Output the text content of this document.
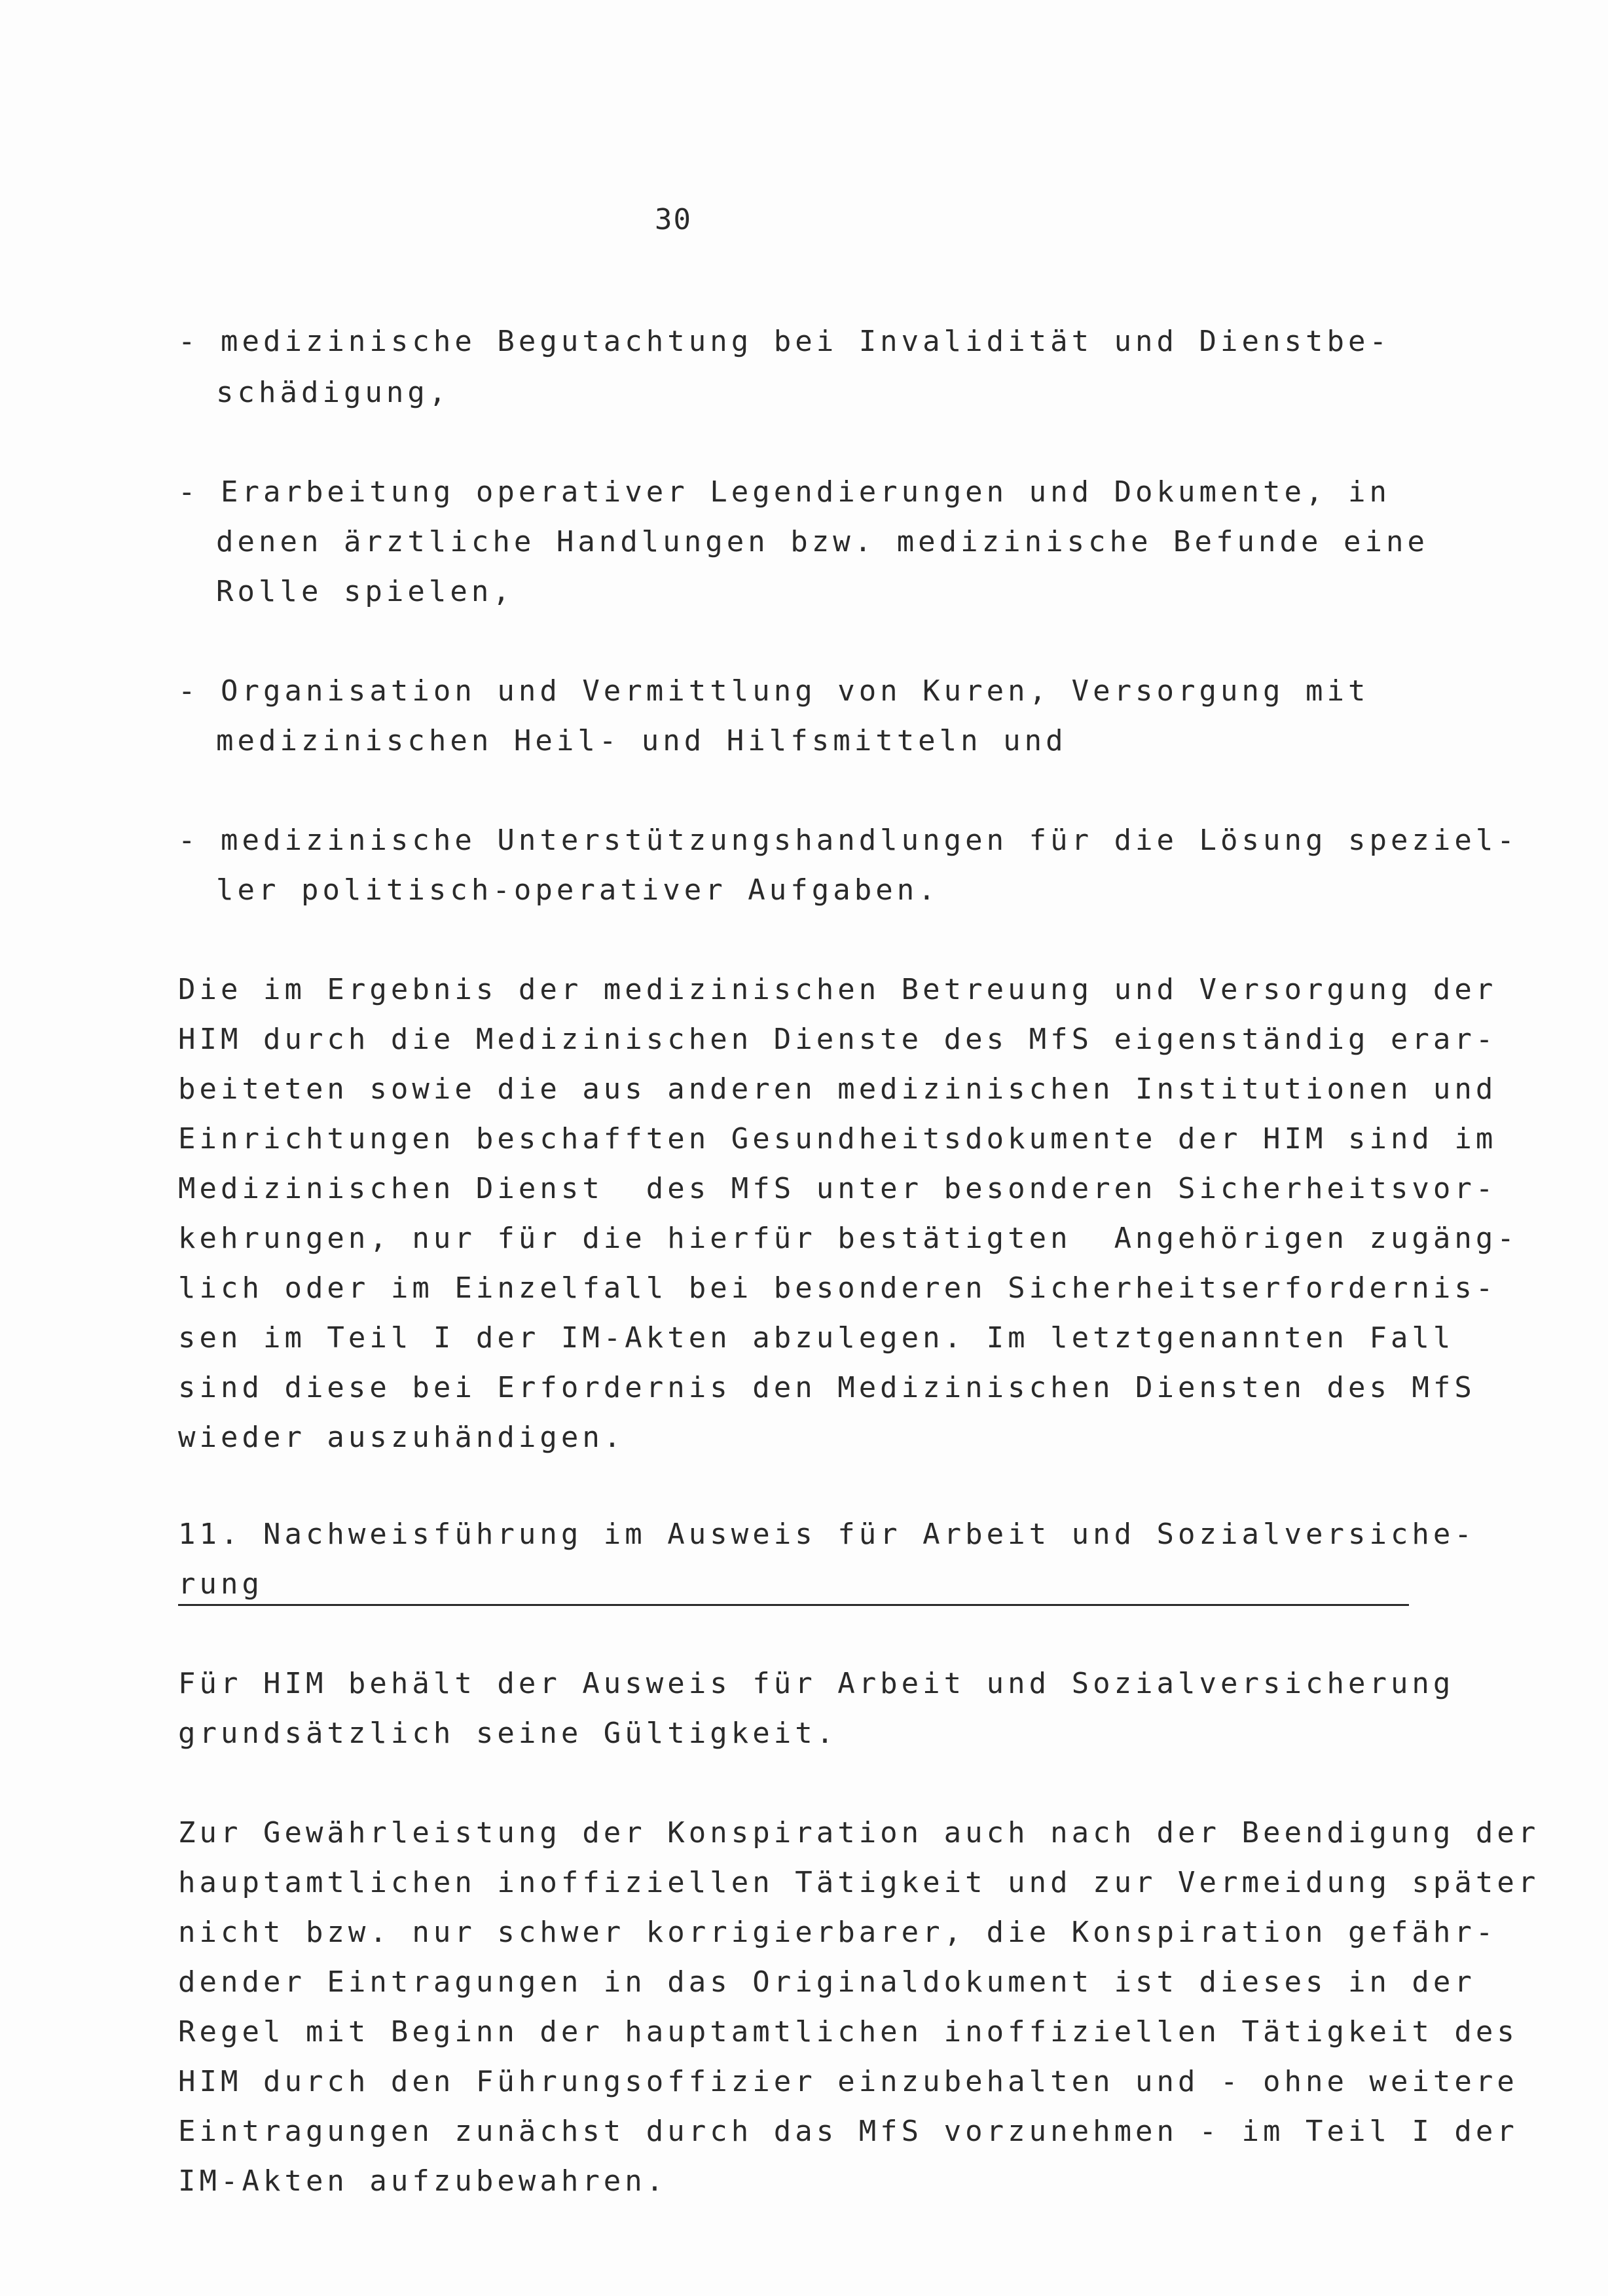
30
- medizinische Begutachtung bei Invalidität und Dienstbe-
schädigung,
- Erarbeitung operativer Legendierungen und Dokumente, in
denen ärztliche Handlungen bzw. medizinische Befunde eine
Rolle spielen,
- Organisation und Vermittlung von Kuren, Versorgung mit
medizinischen Heil- und Hilfsmitteln und
- medizinische Unterstützungshandlungen für die Lösung speziel-
ler politisch-operativer Aufgaben.
Die im Ergebnis der medizinischen Betreuung und Versorgung der
HIM durch die Medizinischen Dienste des MfS eigenständig erar-
beiteten sowie die aus anderen medizinischen Institutionen und
Einrichtungen beschafften Gesundheitsdokumente der HIM sind im
Medizinischen Dienst  des MfS unter besonderen Sicherheitsvor-
kehrungen, nur für die hierfür bestätigten  Angehörigen zugäng-
lich oder im Einzelfall bei besonderen Sicherheitserfordernis-
sen im Teil I der IM-Akten abzulegen. Im letztgenannten Fall
sind diese bei Erfordernis den Medizinischen Diensten des MfS
wieder auszuhändigen.
11. Nachweisführung im Ausweis für Arbeit und Sozialversiche-
rung
Für HIM behält der Ausweis für Arbeit und Sozialversicherung
grundsätzlich seine Gültigkeit.
Zur Gewährleistung der Konspiration auch nach der Beendigung der
hauptamtlichen inoffiziellen Tätigkeit und zur Vermeidung später
nicht bzw. nur schwer korrigierbarer, die Konspiration gefähr-
dender Eintragungen in das Originaldokument ist dieses in der
Regel mit Beginn der hauptamtlichen inoffiziellen Tätigkeit des
HIM durch den Führungsoffizier einzubehalten und - ohne weitere
Eintragungen zunächst durch das MfS vorzunehmen - im Teil I der
IM-Akten aufzubewahren.
